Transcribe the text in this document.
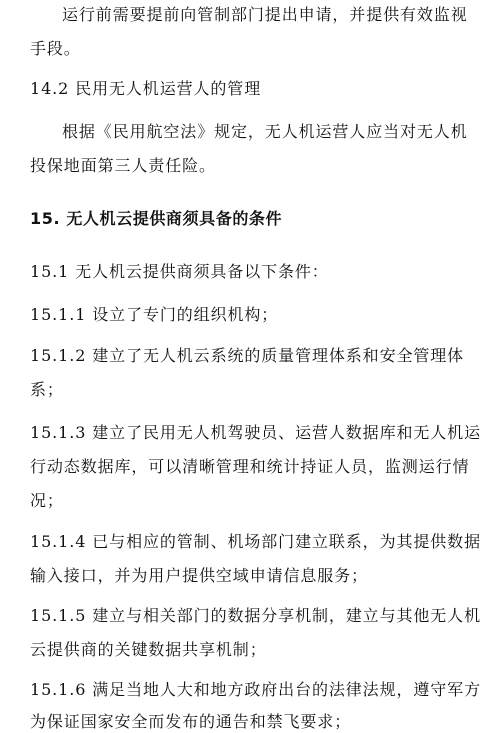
运行前需要提前向管制部门提出申请，并提供有效监视
手段。
14.2 民用无人机运营人的管理
根据《民用航空法》规定，无人机运营人应当对无人机
投保地面第三人责任险。
15. 无人机云提供商须具备的条件
15.1 无人机云提供商须具备以下条件：
15.1.1 设立了专门的组织机构；
15.1.2 建立了无人机云系统的质量管理体系和安全管理体
系；
15.1.3 建立了民用无人机驾驶员、运营人数据库和无人机运
行动态数据库，可以清晰管理和统计持证人员，监测运行情
况；
15.1.4 已与相应的管制、机场部门建立联系，为其提供数据
输入接口，并为用户提供空域申请信息服务；
15.1.5 建立与相关部门的数据分享机制，建立与其他无人机
云提供商的关键数据共享机制；
15.1.6 满足当地人大和地方政府出台的法律法规，遵守军方
为保证国家安全而发布的通告和禁飞要求；
